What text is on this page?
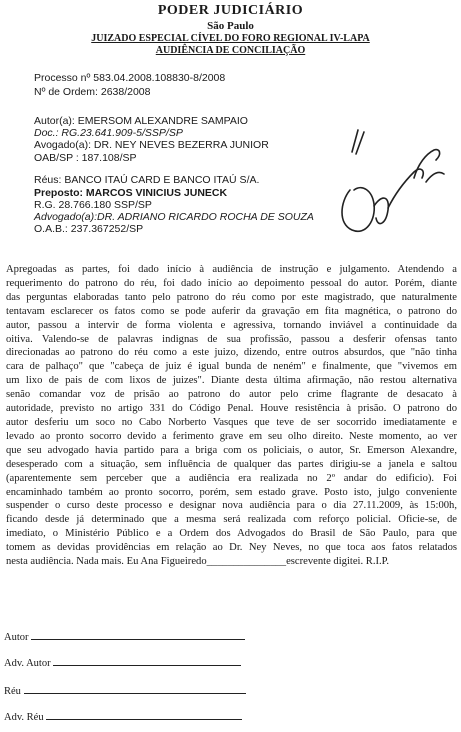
PODER JUDICIÁRIO
São Paulo
JUIZADO ESPECIAL CÍVEL DO FORO REGIONAL IV-LAPA
AUDIÊNCIA DE CONCILIAÇÃO
Processo nº 583.04.2008.108830-8/2008
Nº de Ordem: 2638/2008
Autor(a): EMERSOM ALEXANDRE SAMPAIO
Doc.: RG.23.641.909-5/SSP/SP
Avogado(a): DR. NEY NEVES BEZERRA JUNIOR
OAB/SP : 187.108/SP
Réus: BANCO ITAÚ CARD E BANCO ITAÚ S/A.
Preposto: MARCOS VINICIUS JUNECK
R.G. 28.766.180 SSP/SP
Advogado(a):DR. ADRIANO RICARDO ROCHA DE SOUZA
O.A.B.: 237.367252/SP
Apregoadas as partes, foi dado início à audiência de instrução e julgamento. Atendendo a
requerimento do patrono do réu, foi dado início ao depoimento pessoal do autor. Porém, diante
das perguntas elaboradas tanto pelo patrono do réu como por este magistrado, que naturalmente
tentavam esclarecer os fatos como se pode auferir da gravação em fita magnética, o patrono do
autor, passou a intervir de forma violenta e agressiva, tornando inviável a continuidade da
oitiva. Valendo-se de palavras indignas de sua profissão, passou a desferir ofensas tanto
direcionadas ao patrono do réu como a este juizo, dizendo, entre outros absurdos, que "não tinha
cara de palhaço" que "cabeça de juiz é igual bunda de neném" e finalmente, que "vivemos em
um lixo de pais de com lixos de juizes". Diante desta última afirmação, não restou alternativa
senão comandar voz de prisão ao patrono do autor pelo crime flagrante de desacato à
autoridade, previsto no artigo 331 do Código Penal. Houve resistência à prisão. O patrono do
autor desferiu um soco no Cabo Norberto Vasques que teve de ser socorrido imediatamente e
levado ao pronto socorro devido a ferimento grave em seu olho direito. Neste momento, ao ver
que seu advogado havia partido para a briga com os policiais, o autor, Sr. Emerson Alexandre,
desesperado com a situação, sem influência de qualquer das partes dirigiu-se a janela e saltou
(aparentemente sem perceber que a audiência era realizada no 2º andar do edificio). Foi
encaminhado também ao pronto socorro, porém, sem estado grave. Posto isto, julgo conveniente
suspender o curso deste processo e designar nova audiência para o dia 27.11.2009, às 15:00h,
ficando desde já determinado que a mesma será realizada com reforço policial. Oficie-se, de
imediato, o Ministério Público e a Ordem dos Advogados do Brasil de São Paulo, para que
tomem as devidas providências em relação ao Dr. Ney Neves, no que toca aos fatos relatados
nesta audiência. Nada mais. Eu Ana Figueiredo_______________escrevente digitei. R.I.P.
Autor
Adv. Autor
Réu
Adv. Réu
